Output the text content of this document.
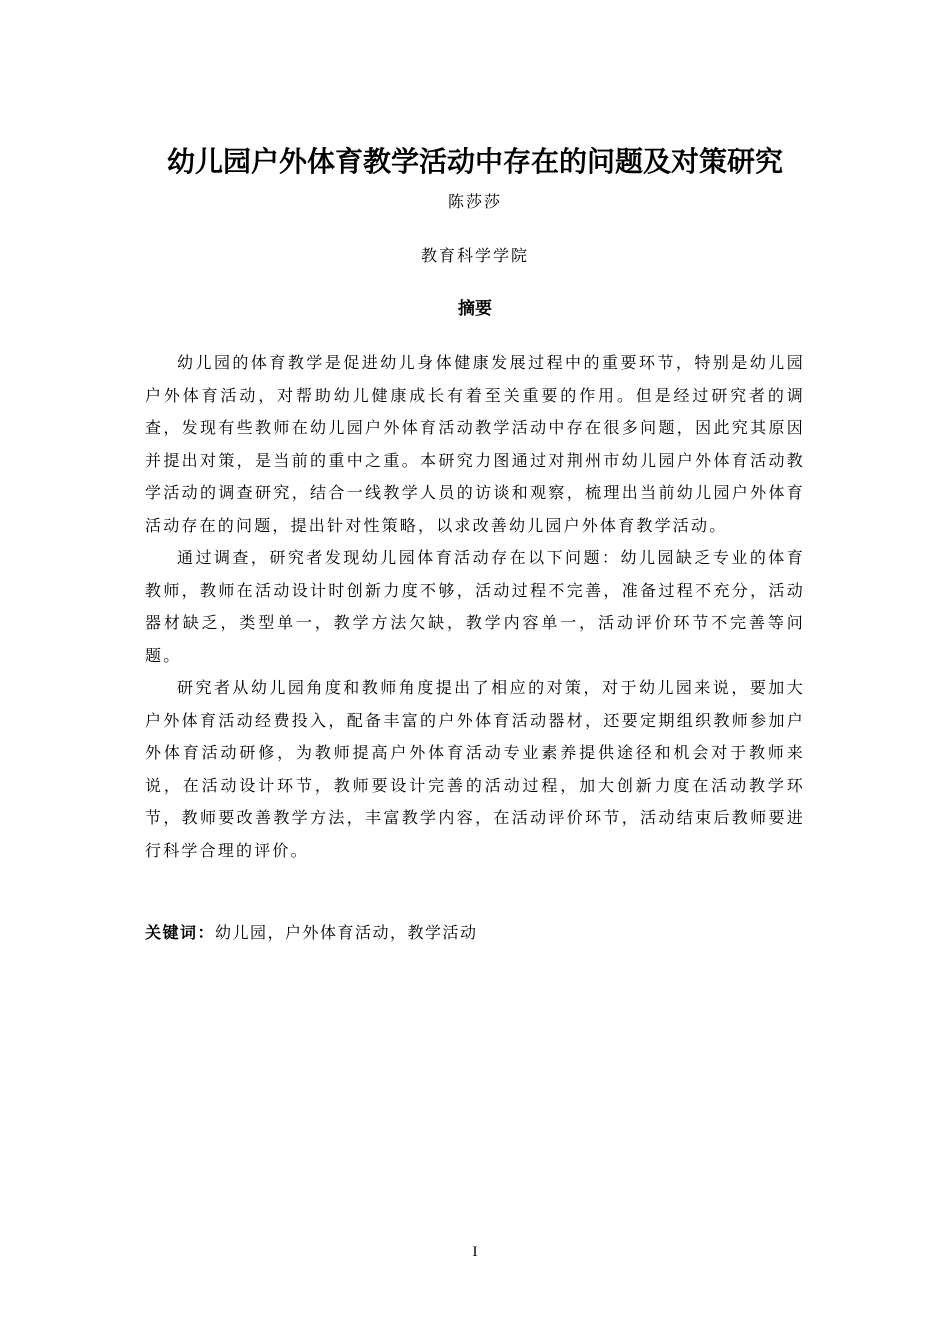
幼儿园户外体育教学活动中存在的问题及对策研究
陈莎莎
教育科学学院
摘要

幼儿园的体育教学是促进幼儿身体健康发展过程中的重要环节，特别是幼儿园户外体育活动，对帮助幼儿健康成长有着至关重要的作用。但是经过研究者的调查，发现有些教师在幼儿园户外体育活动教学活动中存在很多问题，因此究其原因并提出对策，是当前的重中之重。本研究力图通过对荆州市幼儿园户外体育活动教学活动的调查研究，结合一线教学人员的访谈和观察，梳理出当前幼儿园户外体育活动存在的问题，提出针对性策略，以求改善幼儿园户外体育教学活动。

通过调查，研究者发现幼儿园体育活动存在以下问题：幼儿园缺乏专业的体育教师，教师在活动设计时创新力度不够，活动过程不完善，准备过程不充分，活动器材缺乏，类型单一，教学方法欠缺，教学内容单一，活动评价环节不完善等问题。

研究者从幼儿园角度和教师角度提出了相应的对策，对于幼儿园来说，要加大户外体育活动经费投入，配备丰富的户外体育活动器材，还要定期组织教师参加户外体育活动研修，为教师提高户外体育活动专业素养提供途径和机会对于教师来说，在活动设计环节，教师要设计完善的活动过程，加大创新力度在活动教学环节，教师要改善教学方法，丰富教学内容，在活动评价环节，活动结束后教师要进行科学合理的评价。

关键词：幼儿园，户外体育活动，教学活动
I
